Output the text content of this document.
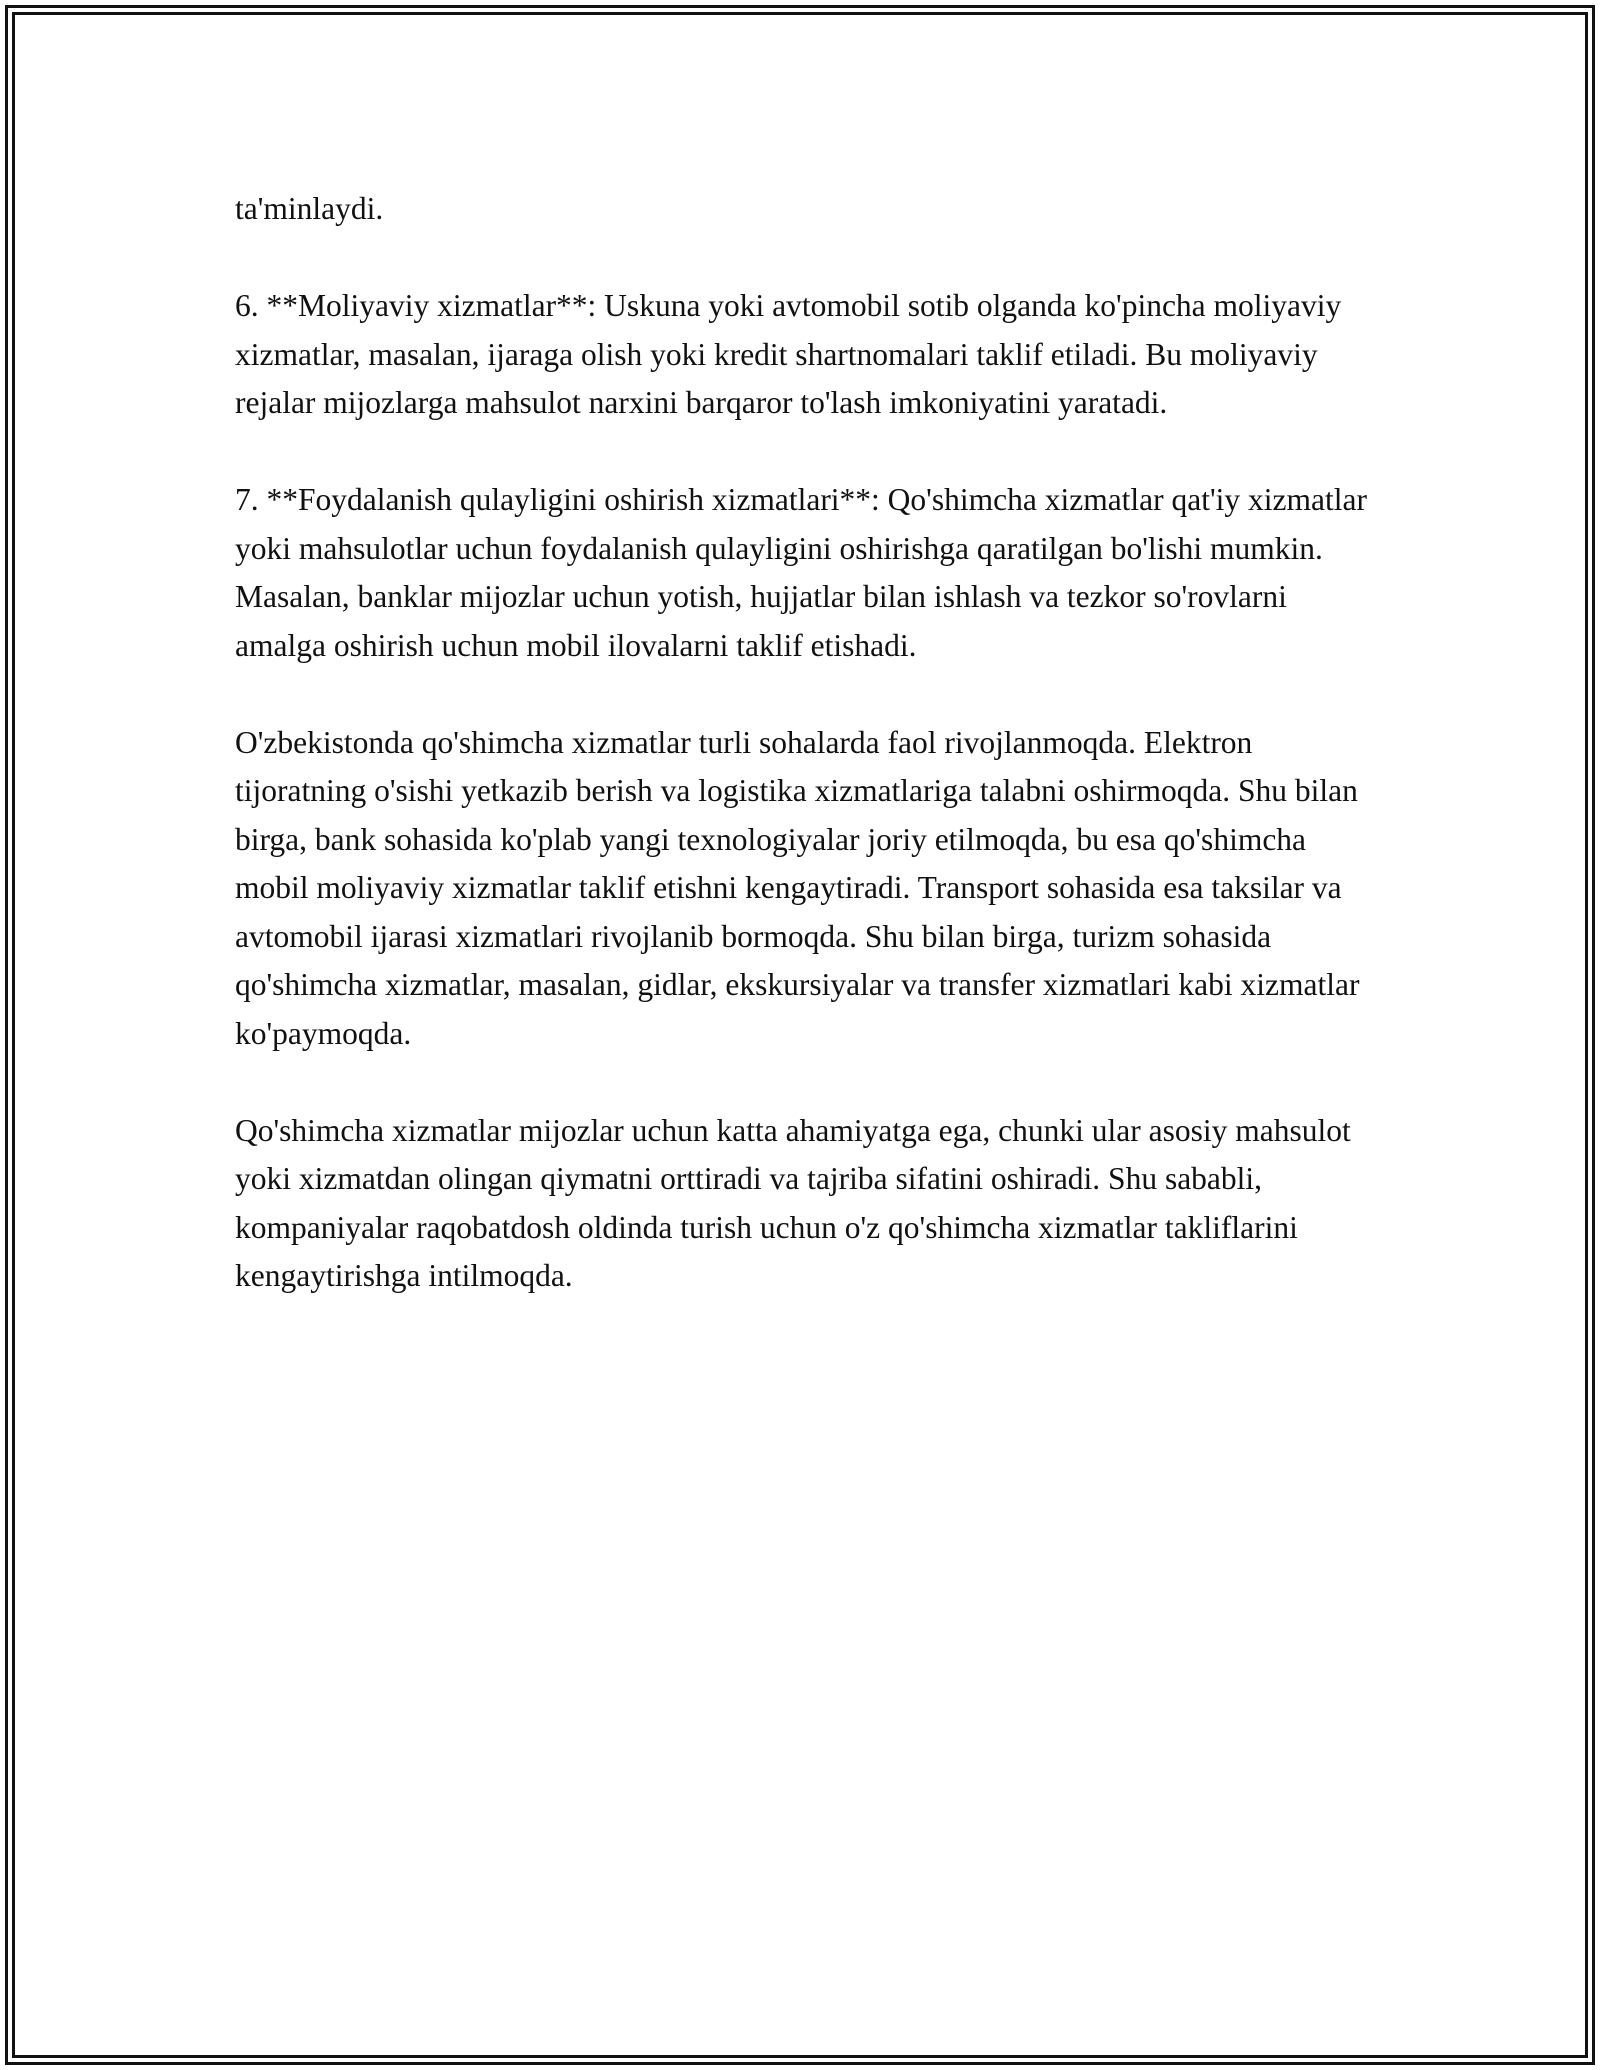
ta'minlaydi.

6. **Moliyaviy xizmatlar**: Uskuna yoki avtomobil sotib olganda ko'pincha moliyaviy xizmatlar, masalan, ijaraga olish yoki kredit shartnomalari taklif etiladi. Bu moliyaviy rejalar mijozlarga mahsulot narxini barqaror to'lash imkoniyatini yaratadi.

7. **Foydalanish qulayligini oshirish xizmatlari**: Qo'shimcha xizmatlar qat'iy xizmatlar yoki mahsulotlar uchun foydalanish qulayligini oshirishga qaratilgan bo'lishi mumkin. Masalan, banklar mijozlar uchun yotish, hujjatlar bilan ishlash va tezkor so'rovlarni amalga oshirish uchun mobil ilovalarni taklif etishadi.

O'zbekistonda qo'shimcha xizmatlar turli sohalarda faol rivojlanmoqda. Elektron tijoratning o'sishi yetkazib berish va logistika xizmatlariga talabni oshirmoqda. Shu bilan birga, bank sohasida ko'plab yangi texnologiyalar joriy etilmoqda, bu esa qo'shimcha mobil moliyaviy xizmatlar taklif etishni kengaytiradi. Transport sohasida esa taksilar va avtomobil ijarasi xizmatlari rivojlanib bormoqda. Shu bilan birga, turizm sohasida qo'shimcha xizmatlar, masalan, gidlar, ekskursiyalar va transfer xizmatlari kabi xizmatlar ko'paymoqda.

Qo'shimcha xizmatlar mijozlar uchun katta ahamiyatga ega, chunki ular asosiy mahsulot yoki xizmatdan olingan qiymatni orttiradi va tajriba sifatini oshiradi. Shu sababli, kompaniyalar raqobatdosh oldinda turish uchun o'z qo'shimcha xizmatlar takliflarini kengaytirishga intilmoqda.
